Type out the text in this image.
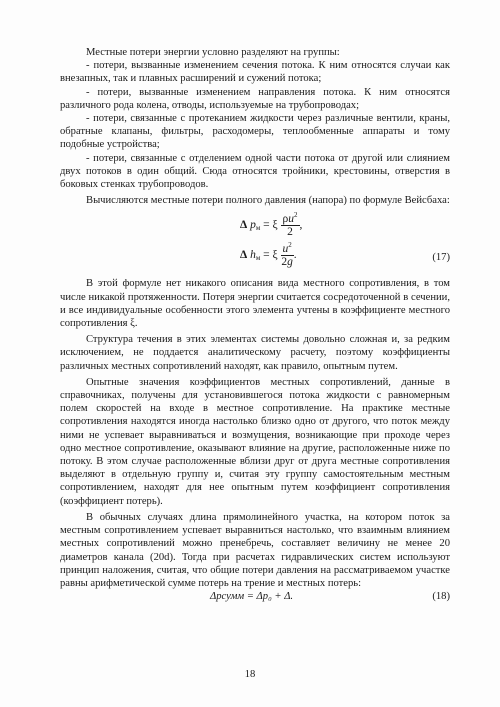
Местные потери энергии условно разделяют на группы:

- потери, вызванные изменением сечения потока. К ним относятся случаи как внезапных, так и плавных расширений и сужений потока;

- потери, вызванные изменением направления потока. К ним относятся различного рода колена, отводы, используемые на трубопроводах;

- потери, связанные с протеканием жидкости через различные вентили, краны, обратные клапаны, фильтры, расходомеры, теплообменные аппараты и тому подобные устройства;

- потери, связанные с отделением одной части потока от другой или слиянием двух потоков в один общий. Сюда относятся тройники, крестовины, отверстия в боковых стенках трубопроводов.

Вычисляются местные потери полного давления (напора) по формуле Вейсбаха:

Δ $p_м = \xi \frac{\rho u^2}{2}$ ,
Δ $h_м = \xi \frac{u^2}{2g}$ .	(17)

В этой формуле нет никакого описания вида местного сопротивления, в том числе никакой протяженности. Потеря энергии считается сосредоточенной в сечении, и все индивидуальные особенности этого элемента учтены в коэффициенте местного сопротивления ξ.

Структура течения в этих элементах системы довольно сложная и, за редким исключением, не поддается аналитическому расчету, поэтому коэффициенты различных местных сопротивлений находят, как правило, опытным путем.

Опытные значения коэффициентов местных сопротивлений, данные в справочниках, получены для установившегося потока жидкости с равномерным полем скоростей на входе в местное сопротивление. На практике местные сопротивления находятся иногда настолько близко одно от другого, что поток между ними не успевает выравниваться и возмущения, возникающие при проходе через одно местное сопротивление, оказывают влияние на другие, расположенные ниже по потоку. В этом случае расположенные вблизи друг от друга местные сопротивления выделяют в отдельную группу и, считая эту группу самостоятельным местным сопротивлением, находят для нее опытным путем коэффициент сопротивления (коэффициент потерь).

В обычных случаях длина прямолинейного участка, на котором поток за местным сопротивлением успевает выравниться настолько, что взаимным влиянием местных сопротивлений можно пренебречь, составляет величину не менее 20 диаметров канала (20d). Тогда при расчетах гидравлических систем используют принцип наложения, считая, что общие потери давления на рассматриваемом участке равны арифметической сумме потерь на трение и местных потерь:

Δpсумм = Δp₀ + Δ.	(18)
18
